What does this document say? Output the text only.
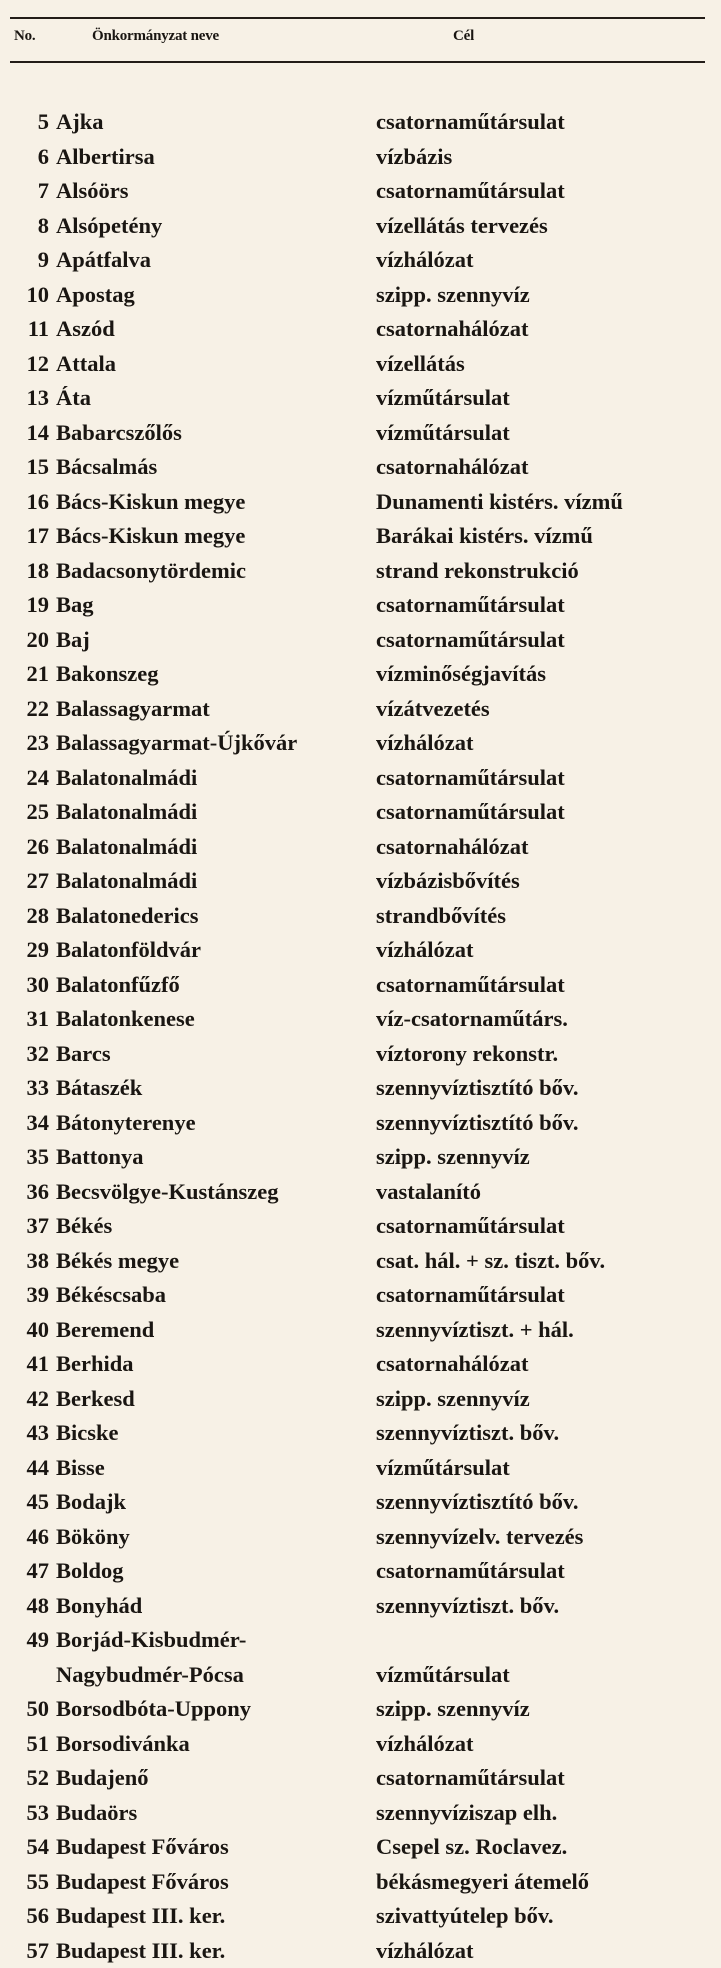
No.	Önkormányzat neve	Cél
5 Ajka	csatornaműtársulat
6 Albertirsa	vízbázis
7 Alsóörs	csatornaműtársulat
8 Alsópetény	vízellátás tervezés
9 Apátfalva	vízhálózat
10 Apostag	szipp. szennyvíz
11 Aszód	csatornahálózat
12 Attala	vízellátás
13 Áta	vízműtársulat
14 Babarcszőlős	vízműtársulat
15 Bácsalmás	csatornahálózat
16 Bács-Kiskun megye	Dunamenti kistérs. vízmű
17 Bács-Kiskun megye	Barákai kistérs. vízmű
18 Badacsonytördemic	strand rekonstrukció
19 Bag	csatornaműtársulat
20 Baj	csatornaműtársulat
21 Bakonszeg	vízminőségjavítás
22 Balassagyarmat	vízátvezetés
23 Balassagyarmat-Újkővár	vízhálózat
24 Balatonalmádi	csatornaműtársulat
25 Balatonalmádi	csatornaműtársulat
26 Balatonalmádi	csatornahálózat
27 Balatonalmádi	vízbázisbővítés
28 Balatonederics	strandbővítés
29 Balatonföldvár	vízhálózat
30 Balatonfűzfő	csatornaműtársulat
31 Balatonkenese	víz-csatornaműtárs.
32 Barcs	víztorony rekonstr.
33 Bátaszék	szennyvíztisztító bőv.
34 Bátonyterenye	szennyvíztisztító bőv.
35 Battonya	szipp. szennyvíz
36 Becsvölgye-Kustánszeg	vastalanító
37 Békés	csatornaműtársulat
38 Békés megye	csat. hál. + sz. tiszt. bőv.
39 Békéscsaba	csatornaműtársulat
40 Beremend	szennyvíztiszt. + hál.
41 Berhida	csatornahálózat
42 Berkesd	szipp. szennyvíz
43 Bicske	szennyvíztiszt. bőv.
44 Bisse	vízműtársulat
45 Bodajk	szennyvíztisztító bőv.
46 Bököny	szennyvízelv. tervezés
47 Boldog	csatornaműtársulat
48 Bonyhád	szennyvíztiszt. bőv.
49 Borjád-Kisbudmér-
Nagybudmér-Pócsa	vízműtársulat
50 Borsodbóta-Uppony	szipp. szennyvíz
51 Borsodivánka	vízhálózat
52 Budajenő	csatornaműtársulat
53 Budaörs	szennyvíziszap elh.
54 Budapest Főváros	Csepel sz. Roclavez.
55 Budapest Főváros	békásmegyeri átemelő
56 Budapest III. ker.	szivattyútelep bőv.
57 Budapest III. ker.	vízhálózat
